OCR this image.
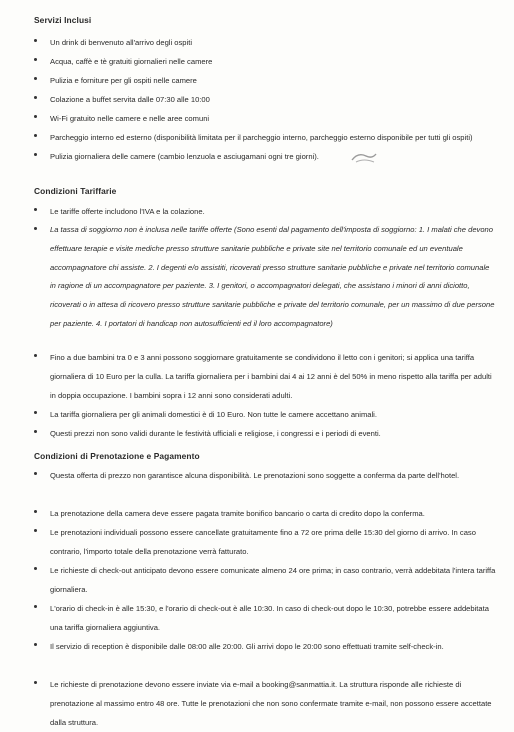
Servizi Inclusi
Un drink di benvenuto all'arrivo degli ospiti
Acqua, caffè e tè gratuiti giornalieri nelle camere
Pulizia e forniture per gli ospiti nelle camere
Colazione a buffet servita dalle 07:30 alle 10:00
Wi-Fi gratuito nelle camere e nelle aree comuni
Parcheggio interno ed esterno (disponibilità limitata per il parcheggio interno, parcheggio esterno disponibile per tutti gli ospiti)
Pulizia giornaliera delle camere (cambio lenzuola e asciugamani ogni tre giorni).
Condizioni Tariffarie
Le tariffe offerte includono l'IVA e la colazione.
La tassa di soggiorno non è inclusa nelle tariffe offerte (Sono esenti dal pagamento dell'imposta di soggiorno: 1. I malati che devono effettuare terapie e visite mediche presso strutture sanitarie pubbliche e private site nel territorio comunale ed un eventuale accompagnatore chi assiste. 2. I degenti e/o assistiti, ricoverati presso strutture sanitarie pubbliche e private nel territorio comunale in ragione di un accompagnatore per paziente. 3. I genitori, o accompagnatori delegati, che assistano i minori di anni diciotto, ricoverati o in attesa di ricovero presso strutture sanitarie pubbliche e private del territorio comunale, per un massimo di due persone per paziente. 4. I portatori di handicap non autosufficienti ed il loro accompagnatore)
Fino a due bambini tra 0 e 3 anni possono soggiornare gratuitamente se condividono il letto con i genitori; si applica una tariffa giornaliera di 10 Euro per la culla. La tariffa giornaliera per i bambini dai 4 ai 12 anni è del 50% in meno rispetto alla tariffa per adulti in doppia occupazione. I bambini sopra i 12 anni sono considerati adulti.
La tariffa giornaliera per gli animali domestici è di 10 Euro. Non tutte le camere accettano animali.
Questi prezzi non sono validi durante le festività ufficiali e religiose, i congressi e i periodi di eventi.
Condizioni di Prenotazione e Pagamento
Questa offerta di prezzo non garantisce alcuna disponibilità. Le prenotazioni sono soggette a conferma da parte dell'hotel.
La prenotazione della camera deve essere pagata tramite bonifico bancario o carta di credito dopo la conferma.
Le prenotazioni individuali possono essere cancellate gratuitamente fino a 72 ore prima delle 15:30 del giorno di arrivo. In caso contrario, l'importo totale della prenotazione verrà fatturato.
Le richieste di check-out anticipato devono essere comunicate almeno 24 ore prima; in caso contrario, verrà addebitata l'intera tariffa giornaliera.
L'orario di check-in è alle 15:30, e l'orario di check-out è alle 10:30. In caso di check-out dopo le 10:30, potrebbe essere addebitata una tariffa giornaliera aggiuntiva.
Il servizio di reception è disponibile dalle 08:00 alle 20:00. Gli arrivi dopo le 20:00 sono effettuati tramite self-check-in.
Le richieste di prenotazione devono essere inviate via e-mail a booking@sanmattia.it. La struttura risponde alle richieste di prenotazione al massimo entro 48 ore. Tutte le prenotazioni che non sono confermate tramite e-mail, non possono essere accettate dalla struttura.
